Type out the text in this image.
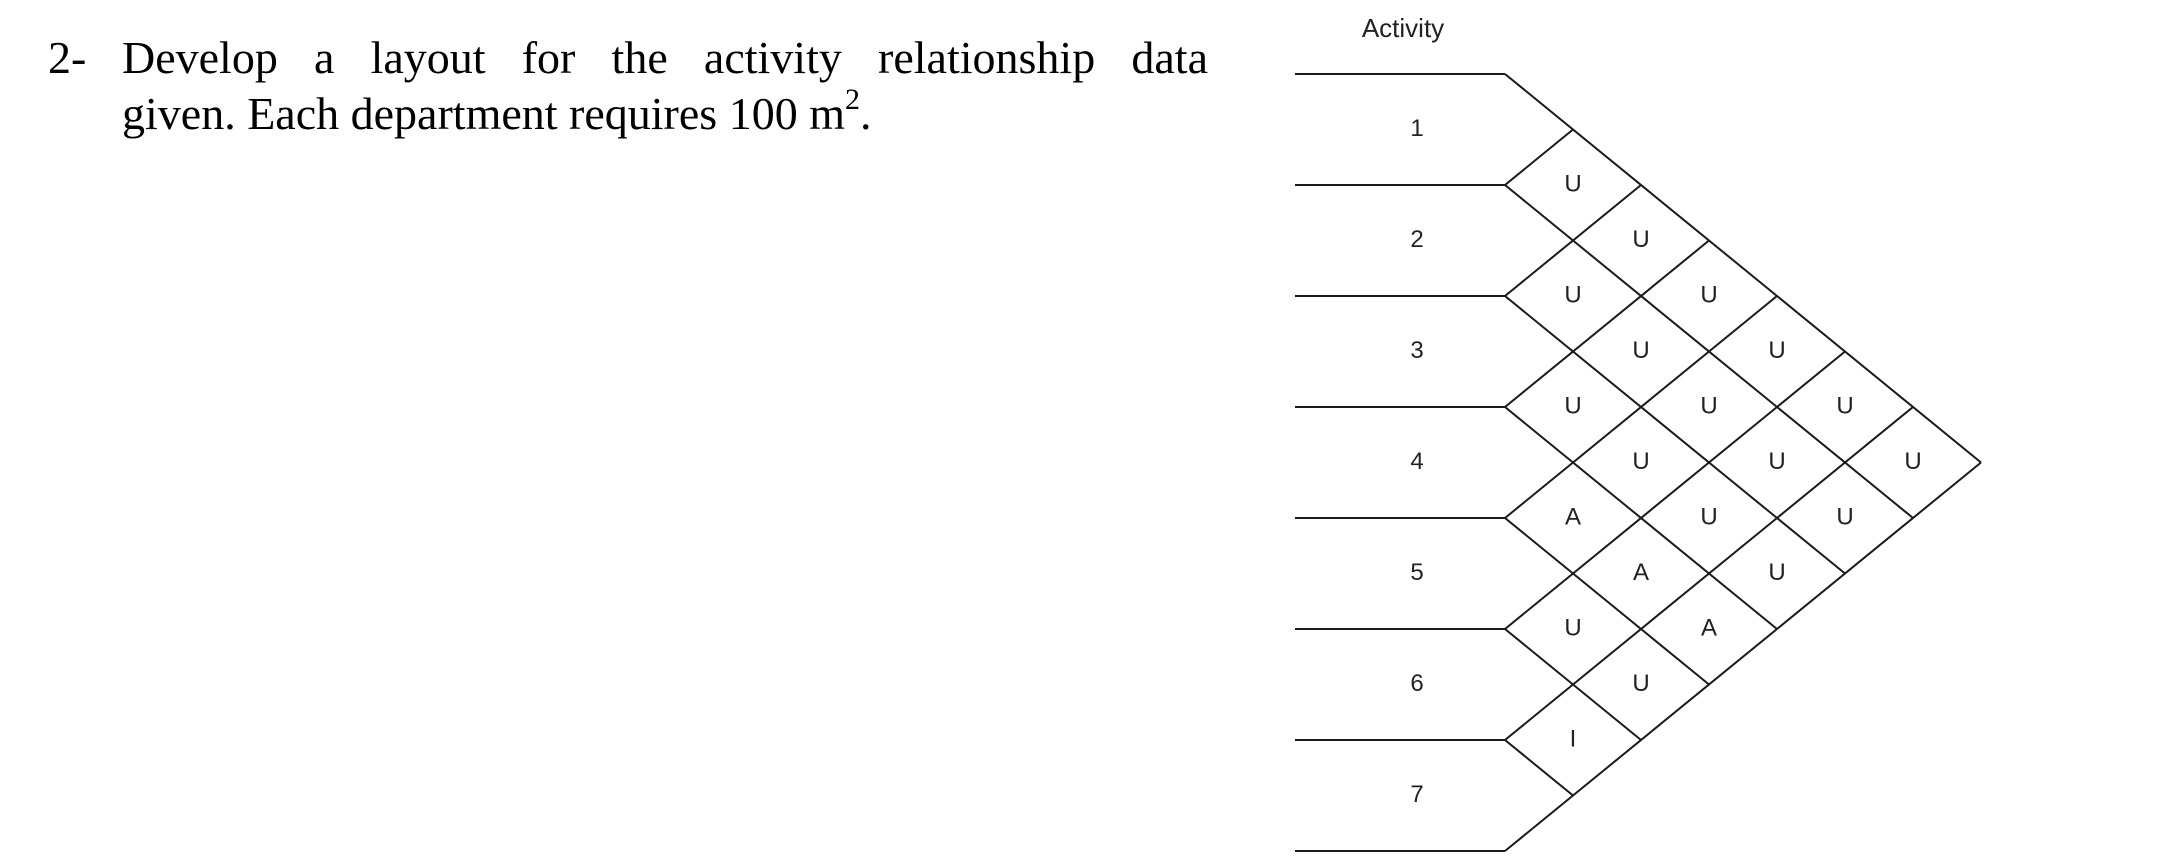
2- Develop a layout for the activity relationship data
given. Each department requires 100 $m^2$.
Activity
1
2
3
4
5
6
7
U
U
U
U
U
U
U
U
U
U
U
U
U
U
U
A
A
A
U
U
I
